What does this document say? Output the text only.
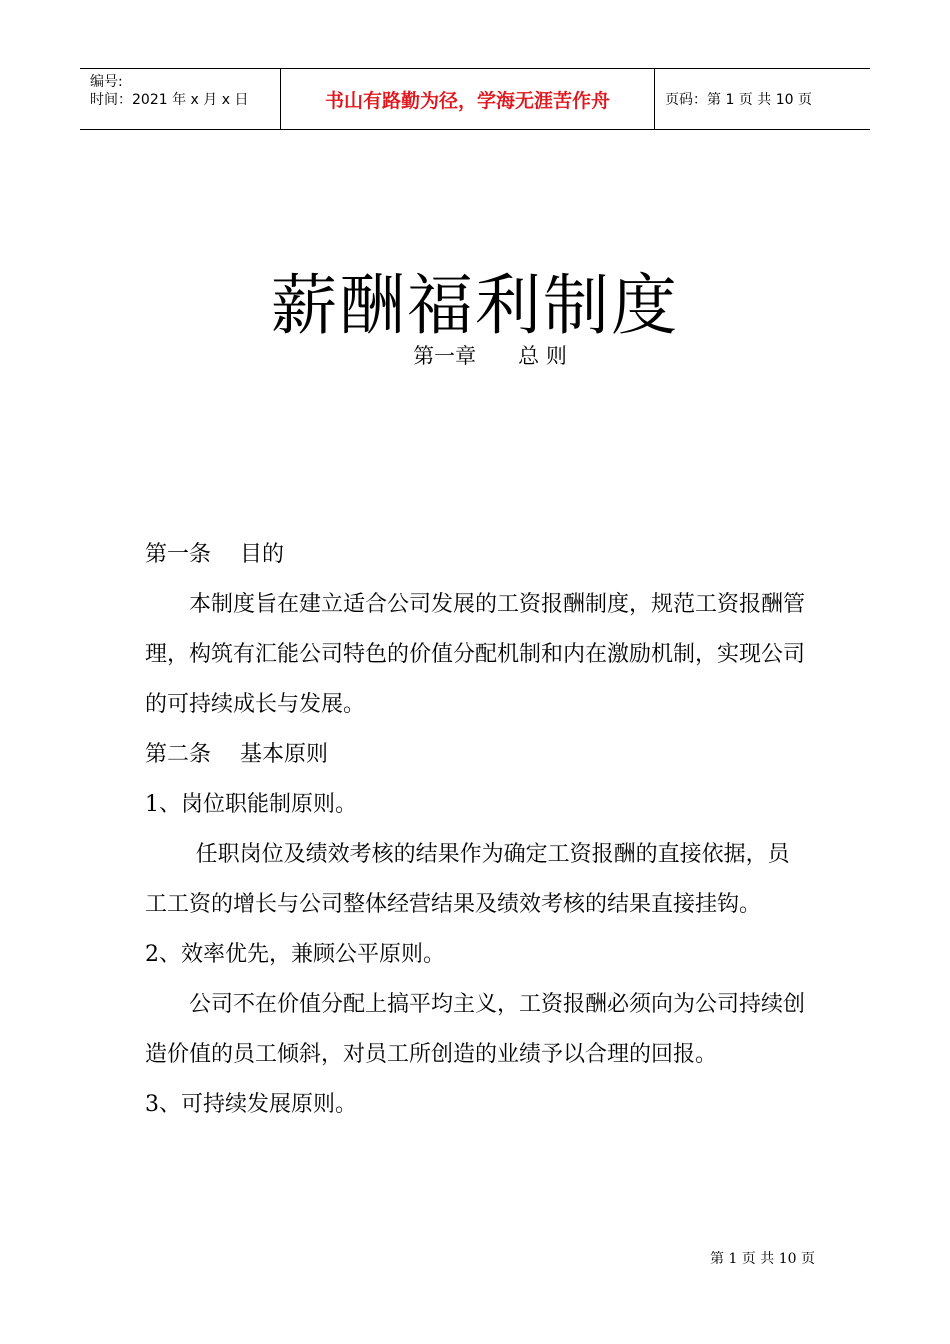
编号:
时间：2021 年 x 月 x 日	书山有路勤为径，学海无涯苦作舟	页码：第 1 页 共 10 页
薪酬福利制度
第一章　　总 则

第一条　 目的

本制度旨在建立适合公司发展的工资报酬制度，规范工资报酬管理，构筑有汇能公司特色的价值分配机制和内在激励机制，实现公司的可持续成长与发展。

第二条　 基本原则

1、岗位职能制原则。

任职岗位及绩效考核的结果作为确定工资报酬的直接依据，员工工资的增长与公司整体经营结果及绩效考核的结果直接挂钩。

2、效率优先，兼顾公平原则。

公司不在价值分配上搞平均主义，工资报酬必须向为公司持续创造价值的员工倾斜，对员工所创造的业绩予以合理的回报。

3、可持续发展原则。

第 1 页 共 10 页
